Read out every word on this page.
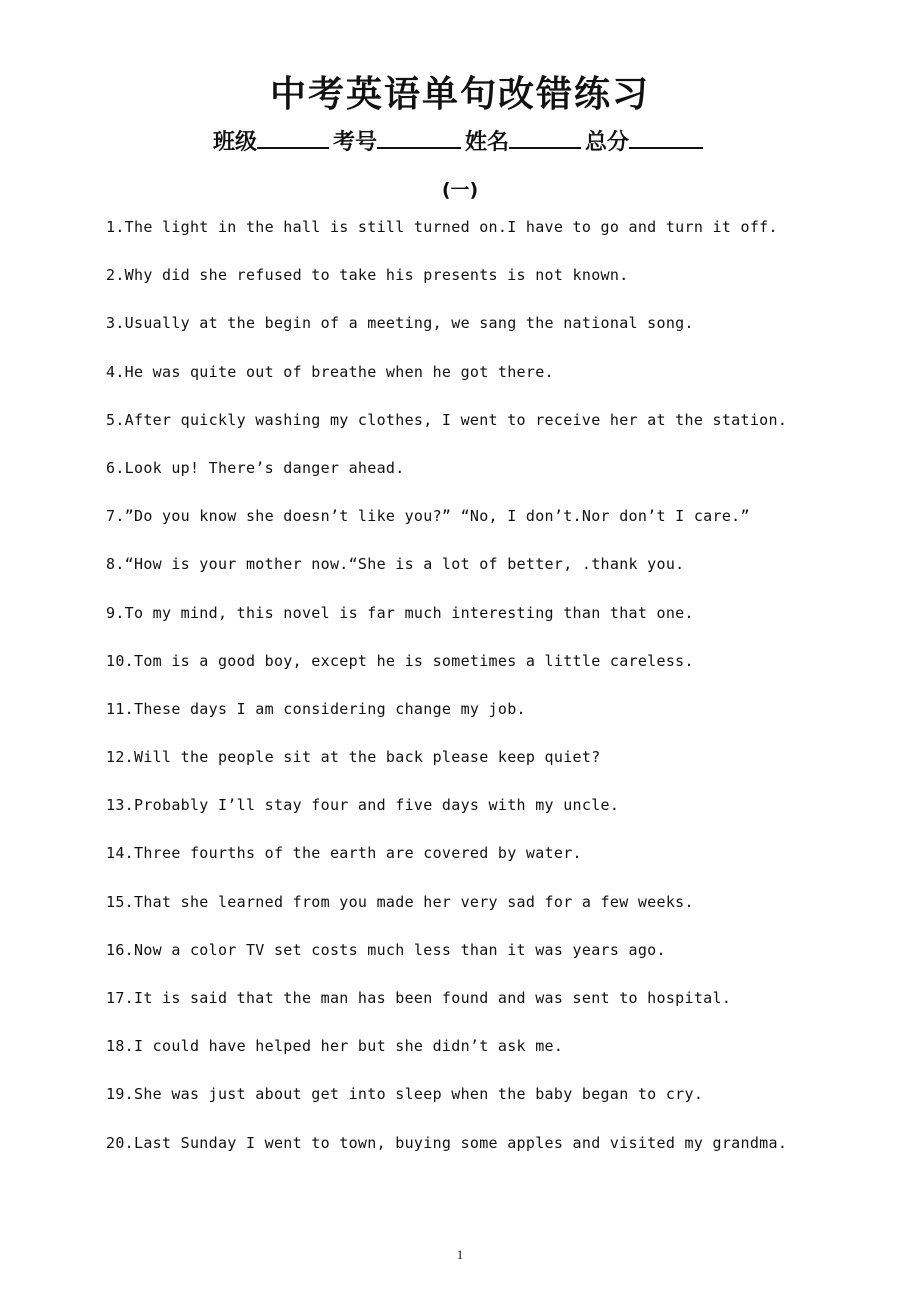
中考英语单句改错练习
班级	考号	姓名	总分
(一)
1.The light in the hall is still turned on.I have to go and turn it off.
2.Why did she refused to take his presents is not known.
3.Usually at the begin of a meeting, we sang the national song.
4.He was quite out of breathe when he got there.
5.After quickly washing my clothes, I went to receive her at the station.
6.Look up! There’s danger ahead.
7.”Do you know she doesn’t like you?” “No, I don’t.Nor don’t I care.”
8.“How is your mother now.“She is a lot of better, .thank you.
9.To my mind, this novel is far much interesting than that one.
10.Tom is a good boy, except he is sometimes a little careless.
11.These days I am considering change my job.
12.Will the people sit at the back please keep quiet?
13.Probably I’ll stay four and five days with my uncle.
14.Three fourths of the earth are covered by water.
15.That she learned from you made her very sad for a few weeks.
16.Now a color TV set costs much less than it was years ago.
17.It is said that the man has been found and was sent to hospital.
18.I could have helped her but she didn’t ask me.
19.She was just about get into sleep when the baby began to cry.
20.Last Sunday I went to town, buying some apples and visited my grandma.
1
